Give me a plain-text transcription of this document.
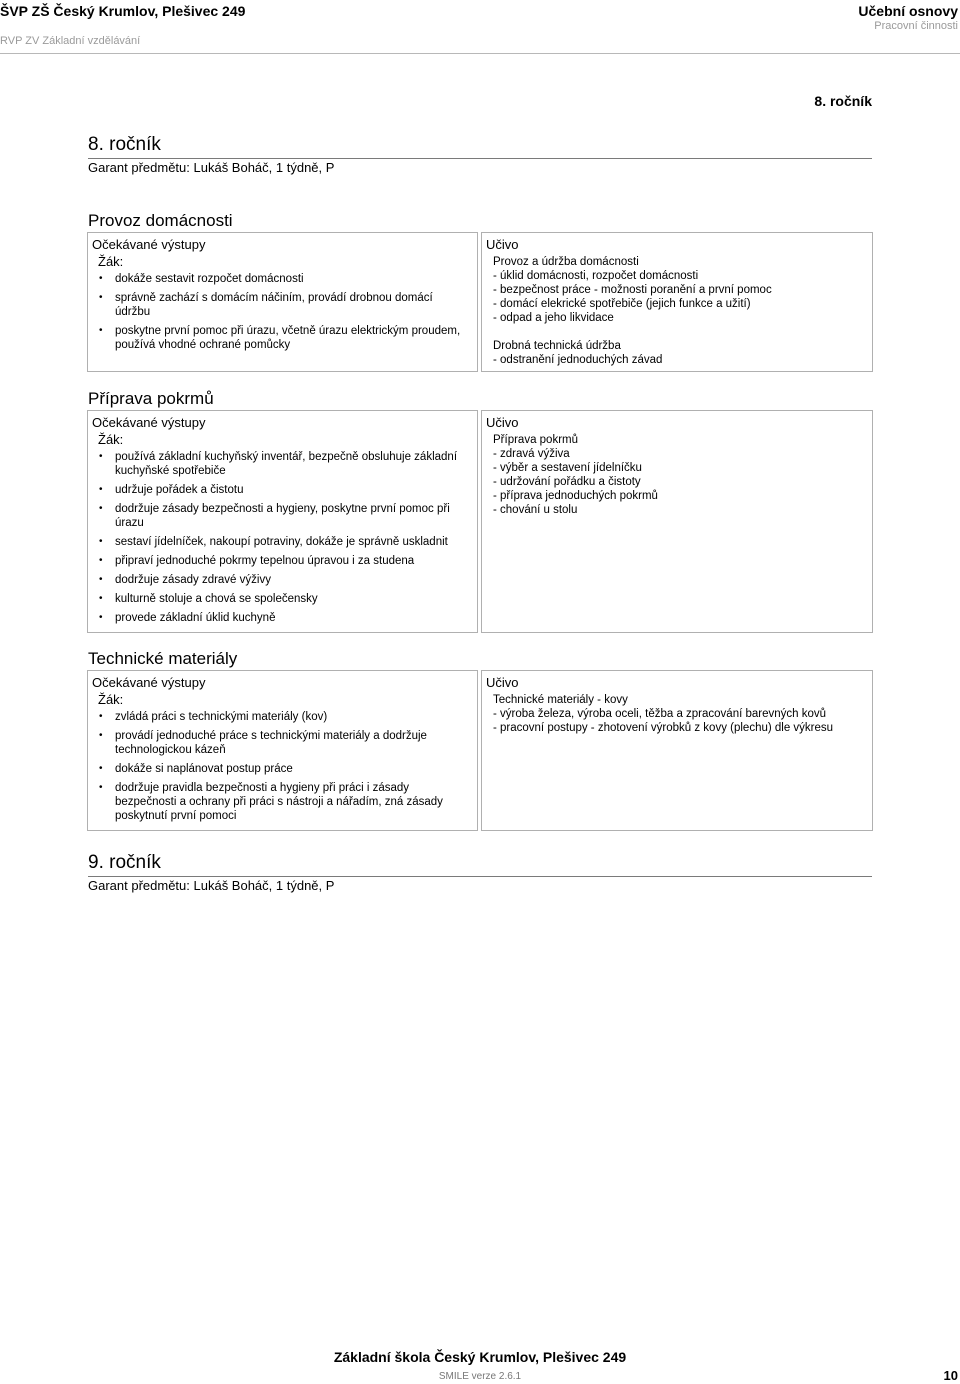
ŠVP ZŠ Český Krumlov, Plešivec 249
RVP ZV Základní vzdělávání
Učební osnovy
Pracovní činnosti
8. ročník
8. ročník
Garant předmětu: Lukáš Boháč, 1 týdně, P
Provoz domácnosti
Očekávané výstupy
Žák:
• dokáže sestavit rozpočet domácnosti
• správně zachází s domácím náčiním, provádí drobnou domácí údržbu
• poskytne první pomoc při úrazu, včetně úrazu elektrickým proudem, používá vhodné ochrané pomůcky
Učivo
Provoz a údržba domácnosti
- úklid domácnosti, rozpočet domácnosti
- bezpečnost práce - možnosti poranění a první pomoc
- domácí elekrické spotřebiče (jejich funkce a užití)
- odpad a jeho likvidace
Drobná technická údržba
- odstranění jednoduchých závad
Příprava pokrmů
Očekávané výstupy
Žák:
• používá základní kuchyňský inventář, bezpečně obsluhuje základní kuchyňské spotřebiče
• udržuje pořádek a čistotu
• dodržuje zásady bezpečnosti a hygieny, poskytne první pomoc při úrazu
• sestaví jídelníček, nakoupí potraviny, dokáže je správně uskladnit
• připraví jednoduché pokrmy tepelnou úpravou i za studena
• dodržuje zásady zdravé výživy
• kulturně stoluje a chová se společensky
• provede základní úklid kuchyně
Učivo
Příprava pokrmů
- zdravá výživa
- výběr a sestavení jídelníčku
- udržování pořádku a čistoty
- příprava jednoduchých pokrmů
- chování u stolu
Technické materiály
Očekávané výstupy
Žák:
• zvládá práci s technickými materiály (kov)
• provádí jednoduché práce s technickými materiály a dodržuje technologickou kázeň
• dokáže si naplánovat postup práce
• dodržuje pravidla bezpečnosti a hygieny při práci i zásady bezpečnosti a ochrany při práci s nástroji a nářadím, zná zásady poskytnutí první pomoci
Učivo
Technické materiály - kovy
- výroba železa, výroba oceli, těžba a zpracování barevných kovů
- pracovní postupy - zhotovení výrobků z kovy (plechu) dle výkresu
9. ročník
Garant předmětu: Lukáš Boháč, 1 týdně, P
Základní škola Český Krumlov, Plešivec 249
SMILE verze 2.6.1	10
